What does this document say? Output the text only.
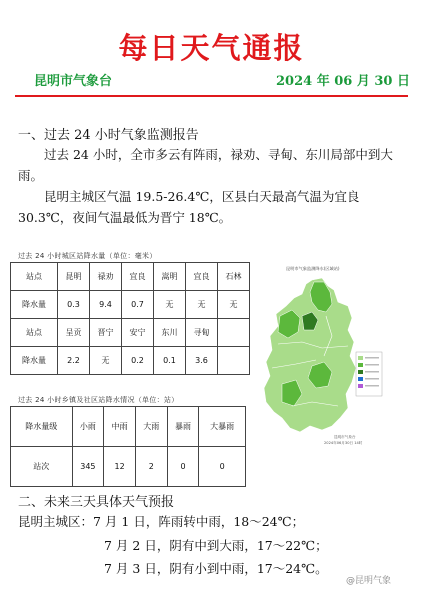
每日天气通报
昆明市气象台	2024 年 06 月 30 日
一、过去 24 小时气象监测报告
过去 24 小时，全市多云有阵雨，禄劝、寻甸、东川局部中到大雨。
昆明主城区气温 19.5-26.4℃，区县白天最高气温为宜良 30.3℃，夜间气温最低为晋宁 18℃。
过去 24 小时城区站降水量（单位：毫米）
站点	昆明	禄劝	宜良	嵩明	宜良	石林
降水量	0.3	9.4	0.7	无	无	无
站点	呈贡	晋宁	安宁	东川	寻甸	
降水量	2.2	无	0.2	0.1	3.6	
过去 24 小时乡镇及社区站降水情况（单位：站）
降水量级	小雨	中雨	大雨	暴雨	大暴雨
站次	345	12	2	0	0
昆明市气象监测降水(区域站)
昆明市气象台
2024年06月30日 14时
二、未来三天具体天气预报
昆明主城区：7 月 1 日，阵雨转中雨，18～24℃；
7 月 2 日，阴有中到大雨，17～22℃；
7 月 3 日，阴有小到中雨，17～24℃。
@昆明气象
